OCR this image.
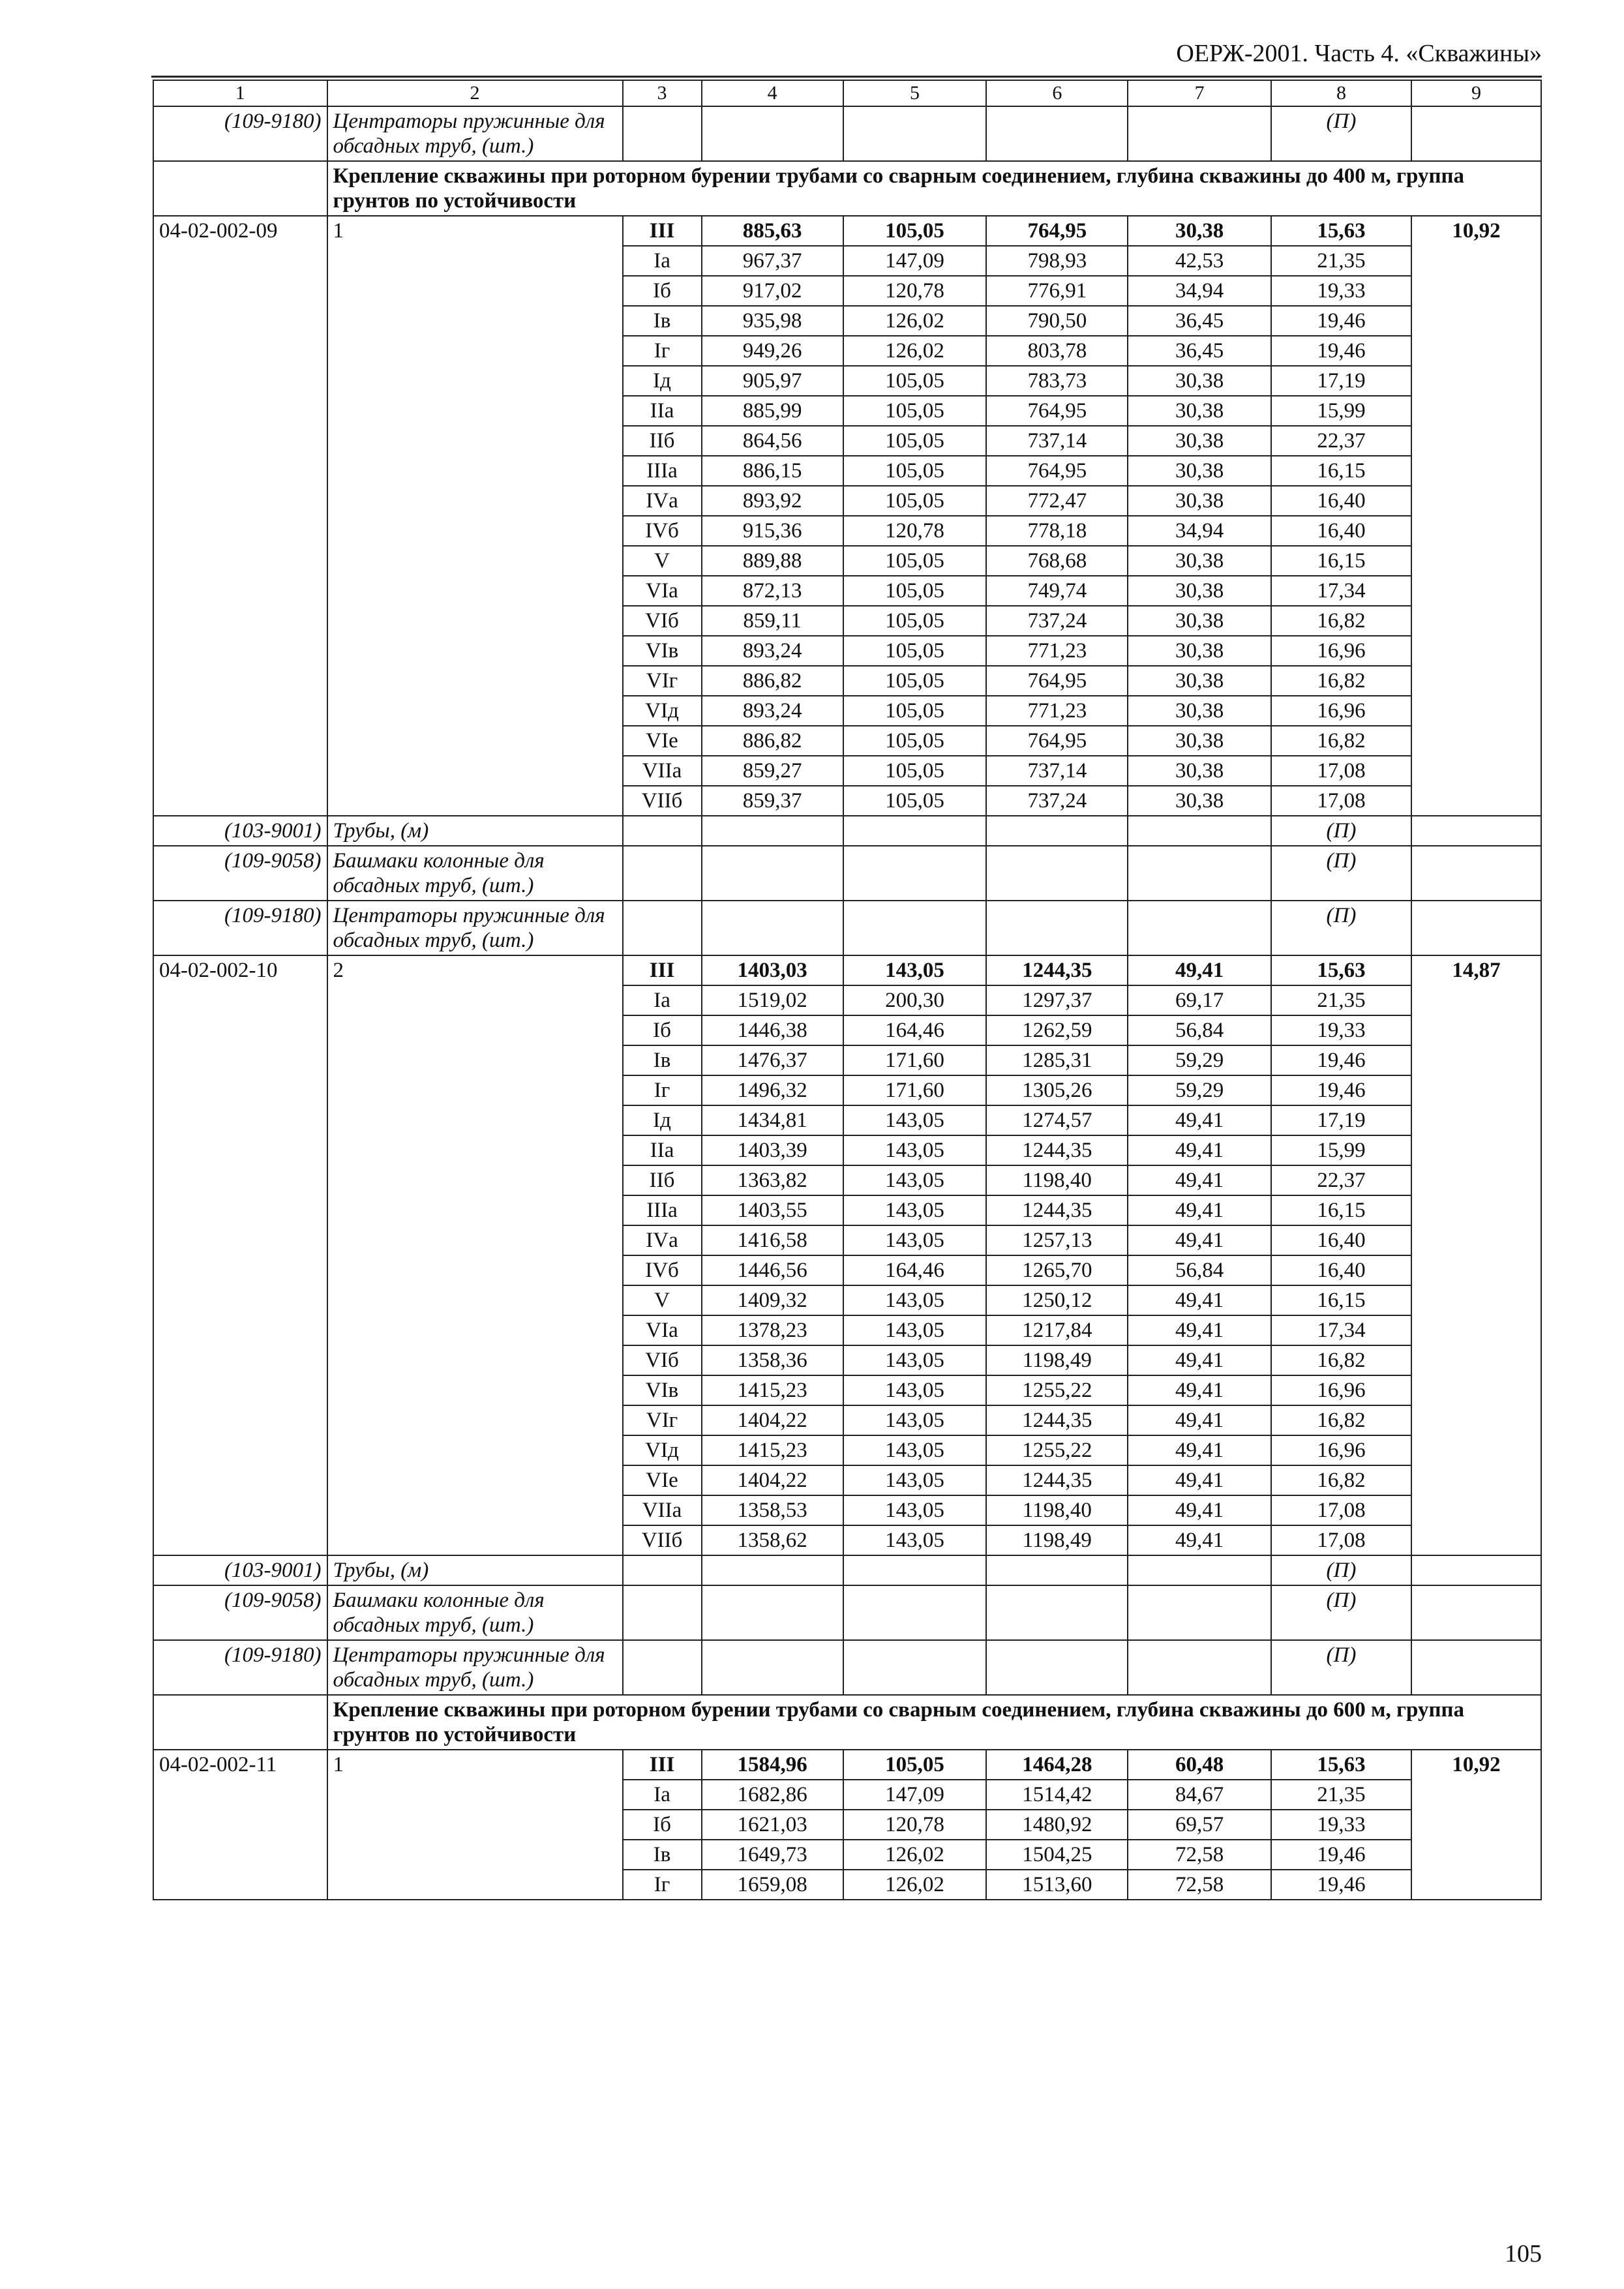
ОЕРЖ-2001. Часть 4. «Скважины»
1	2	3	4	5	6	7	8	9
(109-9180)	Центраторы пружинные для обсадных труб, (шт.)						(П)	
	Крепление скважины при роторном бурении трубами со сварным соединением, глубина скважины до 400 м, группа грунтов по устойчивости							
04-02-002-09	1	III	885,63	105,05	764,95	30,38	15,63	10,92
		Iа	967,37	147,09	798,93	42,53	21,35	
		Iб	917,02	120,78	776,91	34,94	19,33	
		Iв	935,98	126,02	790,50	36,45	19,46	
		Iг	949,26	126,02	803,78	36,45	19,46	
		Iд	905,97	105,05	783,73	30,38	17,19	
		IIа	885,99	105,05	764,95	30,38	15,99	
		IIб	864,56	105,05	737,14	30,38	22,37	
		IIIа	886,15	105,05	764,95	30,38	16,15	
		IVа	893,92	105,05	772,47	30,38	16,40	
		IVб	915,36	120,78	778,18	34,94	16,40	
		V	889,88	105,05	768,68	30,38	16,15	
		VIа	872,13	105,05	749,74	30,38	17,34	
		VIб	859,11	105,05	737,24	30,38	16,82	
		VIв	893,24	105,05	771,23	30,38	16,96	
		VIг	886,82	105,05	764,95	30,38	16,82	
		VIд	893,24	105,05	771,23	30,38	16,96	
		VIе	886,82	105,05	764,95	30,38	16,82	
		VIIа	859,27	105,05	737,14	30,38	17,08	
		VIIб	859,37	105,05	737,24	30,38	17,08	
(103-9001)	Трубы, (м)						(П)	
(109-9058)	Башмаки колонные для обсадных труб, (шт.)						(П)	
(109-9180)	Центраторы пружинные для обсадных труб, (шт.)						(П)	
04-02-002-10	2	III	1403,03	143,05	1244,35	49,41	15,63	14,87
		Iа	1519,02	200,30	1297,37	69,17	21,35	
		Iб	1446,38	164,46	1262,59	56,84	19,33	
		Iв	1476,37	171,60	1285,31	59,29	19,46	
		Iг	1496,32	171,60	1305,26	59,29	19,46	
		Iд	1434,81	143,05	1274,57	49,41	17,19	
		IIа	1403,39	143,05	1244,35	49,41	15,99	
		IIб	1363,82	143,05	1198,40	49,41	22,37	
		IIIа	1403,55	143,05	1244,35	49,41	16,15	
		IVа	1416,58	143,05	1257,13	49,41	16,40	
		IVб	1446,56	164,46	1265,70	56,84	16,40	
		V	1409,32	143,05	1250,12	49,41	16,15	
		VIа	1378,23	143,05	1217,84	49,41	17,34	
		VIб	1358,36	143,05	1198,49	49,41	16,82	
		VIв	1415,23	143,05	1255,22	49,41	16,96	
		VIг	1404,22	143,05	1244,35	49,41	16,82	
		VIд	1415,23	143,05	1255,22	49,41	16,96	
		VIе	1404,22	143,05	1244,35	49,41	16,82	
		VIIа	1358,53	143,05	1198,40	49,41	17,08	
		VIIб	1358,62	143,05	1198,49	49,41	17,08	
(103-9001)	Трубы, (м)						(П)	
(109-9058)	Башмаки колонные для обсадных труб, (шт.)						(П)	
(109-9180)	Центраторы пружинные для обсадных труб, (шт.)						(П)	
	Крепление скважины при роторном бурении трубами со сварным соединением, глубина скважины до 600 м, группа грунтов по устойчивости							
04-02-002-11	1	III	1584,96	105,05	1464,28	60,48	15,63	10,92
		Iа	1682,86	147,09	1514,42	84,67	21,35	
		Iб	1621,03	120,78	1480,92	69,57	19,33	
		Iв	1649,73	126,02	1504,25	72,58	19,46	
		Iг	1659,08	126,02	1513,60	72,58	19,46	
105
